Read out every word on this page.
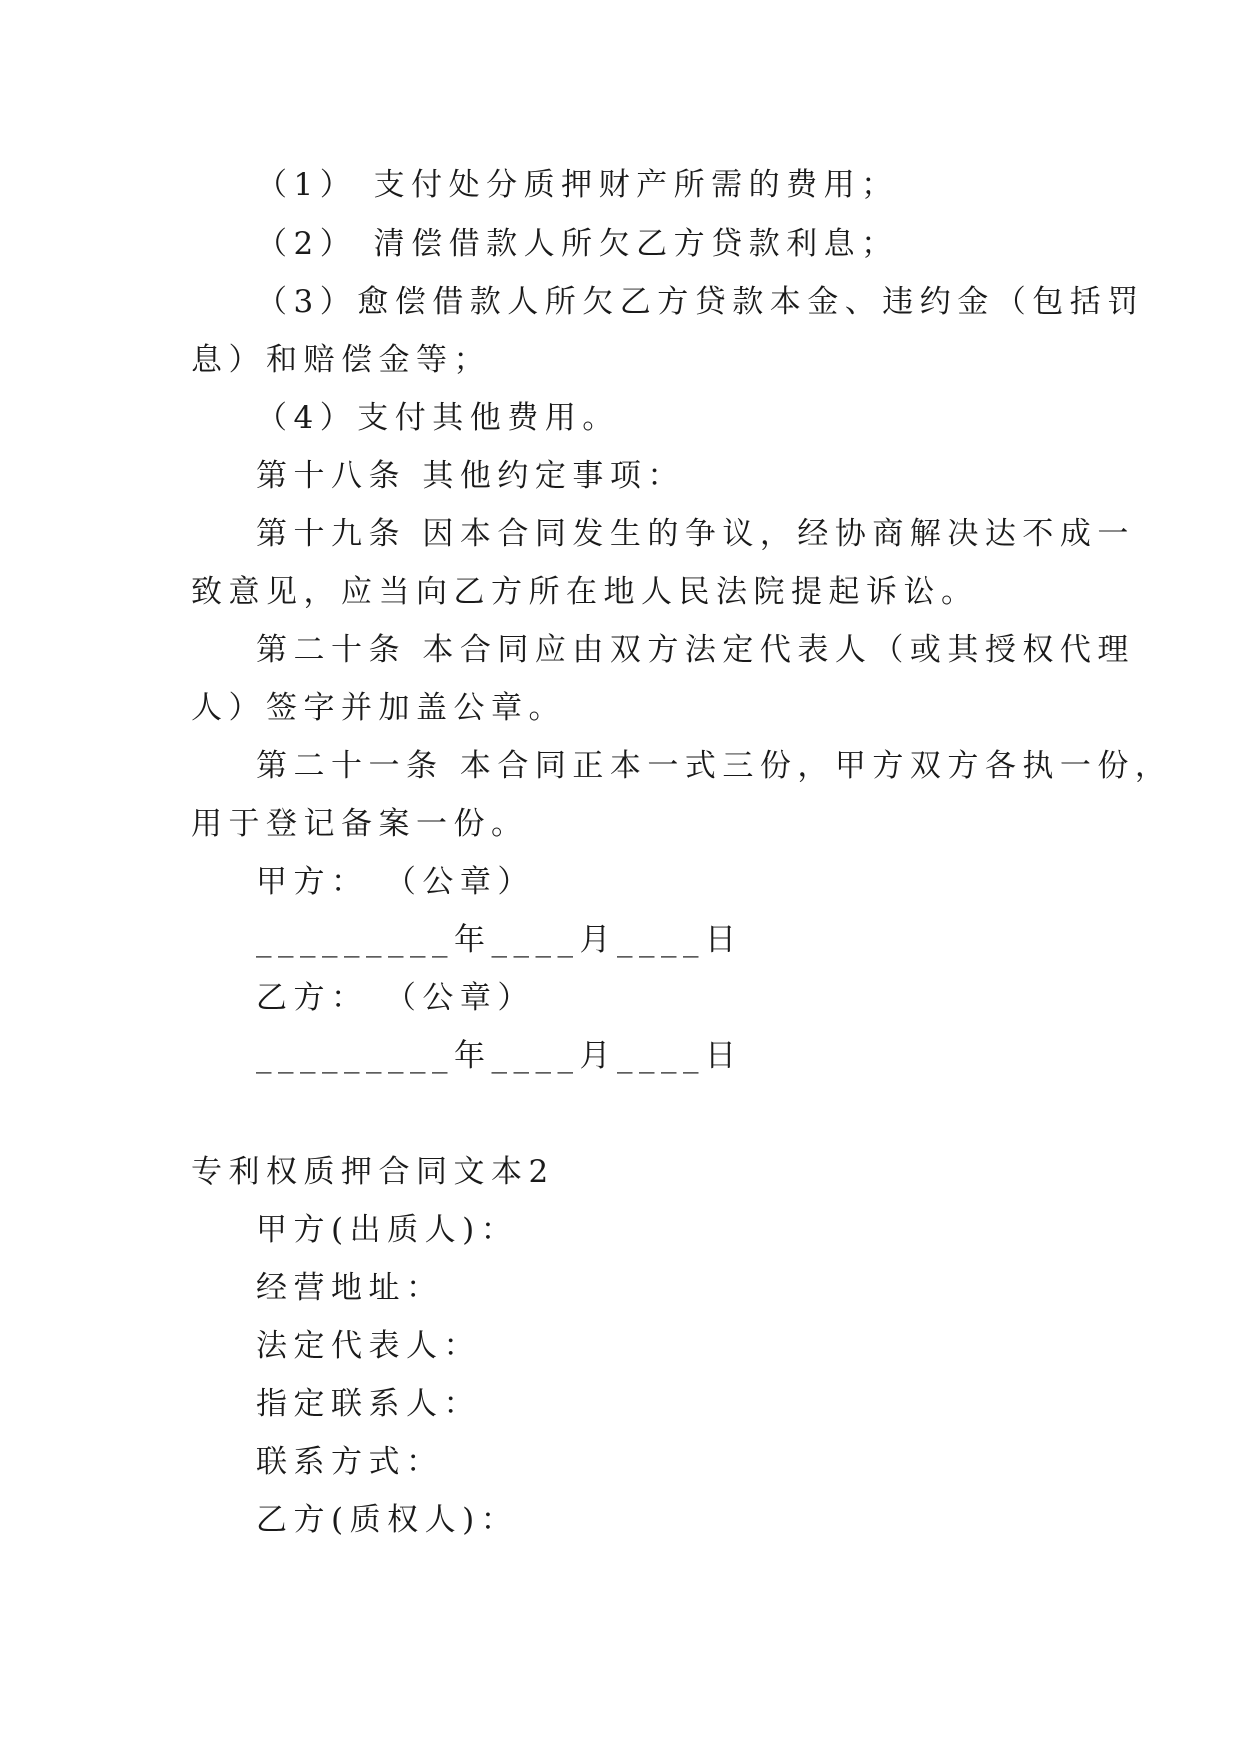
（1） 支付处分质押财产所需的费用；
（2） 清偿借款人所欠乙方贷款利息；
（3）愈偿借款人所欠乙方贷款本金、违约金（包括罚
息）和赔偿金等；
（4）支付其他费用。
第十八条 其他约定事项：
第十九条 因本合同发生的争议，经协商解决达不成一
致意见，应当向乙方所在地人民法院提起诉讼。
第二十条 本合同应由双方法定代表人（或其授权代理
人）签字并加盖公章。
第二十一条 本合同正本一式三份，甲方双方各执一份，
用于登记备案一份。
甲方： （公章）
_________年____月____日
乙方： （公章）
_________年____月____日
专利权质押合同文本2
甲方(出质人)：
经营地址：
法定代表人：
指定联系人：
联系方式：
乙方(质权人)：
